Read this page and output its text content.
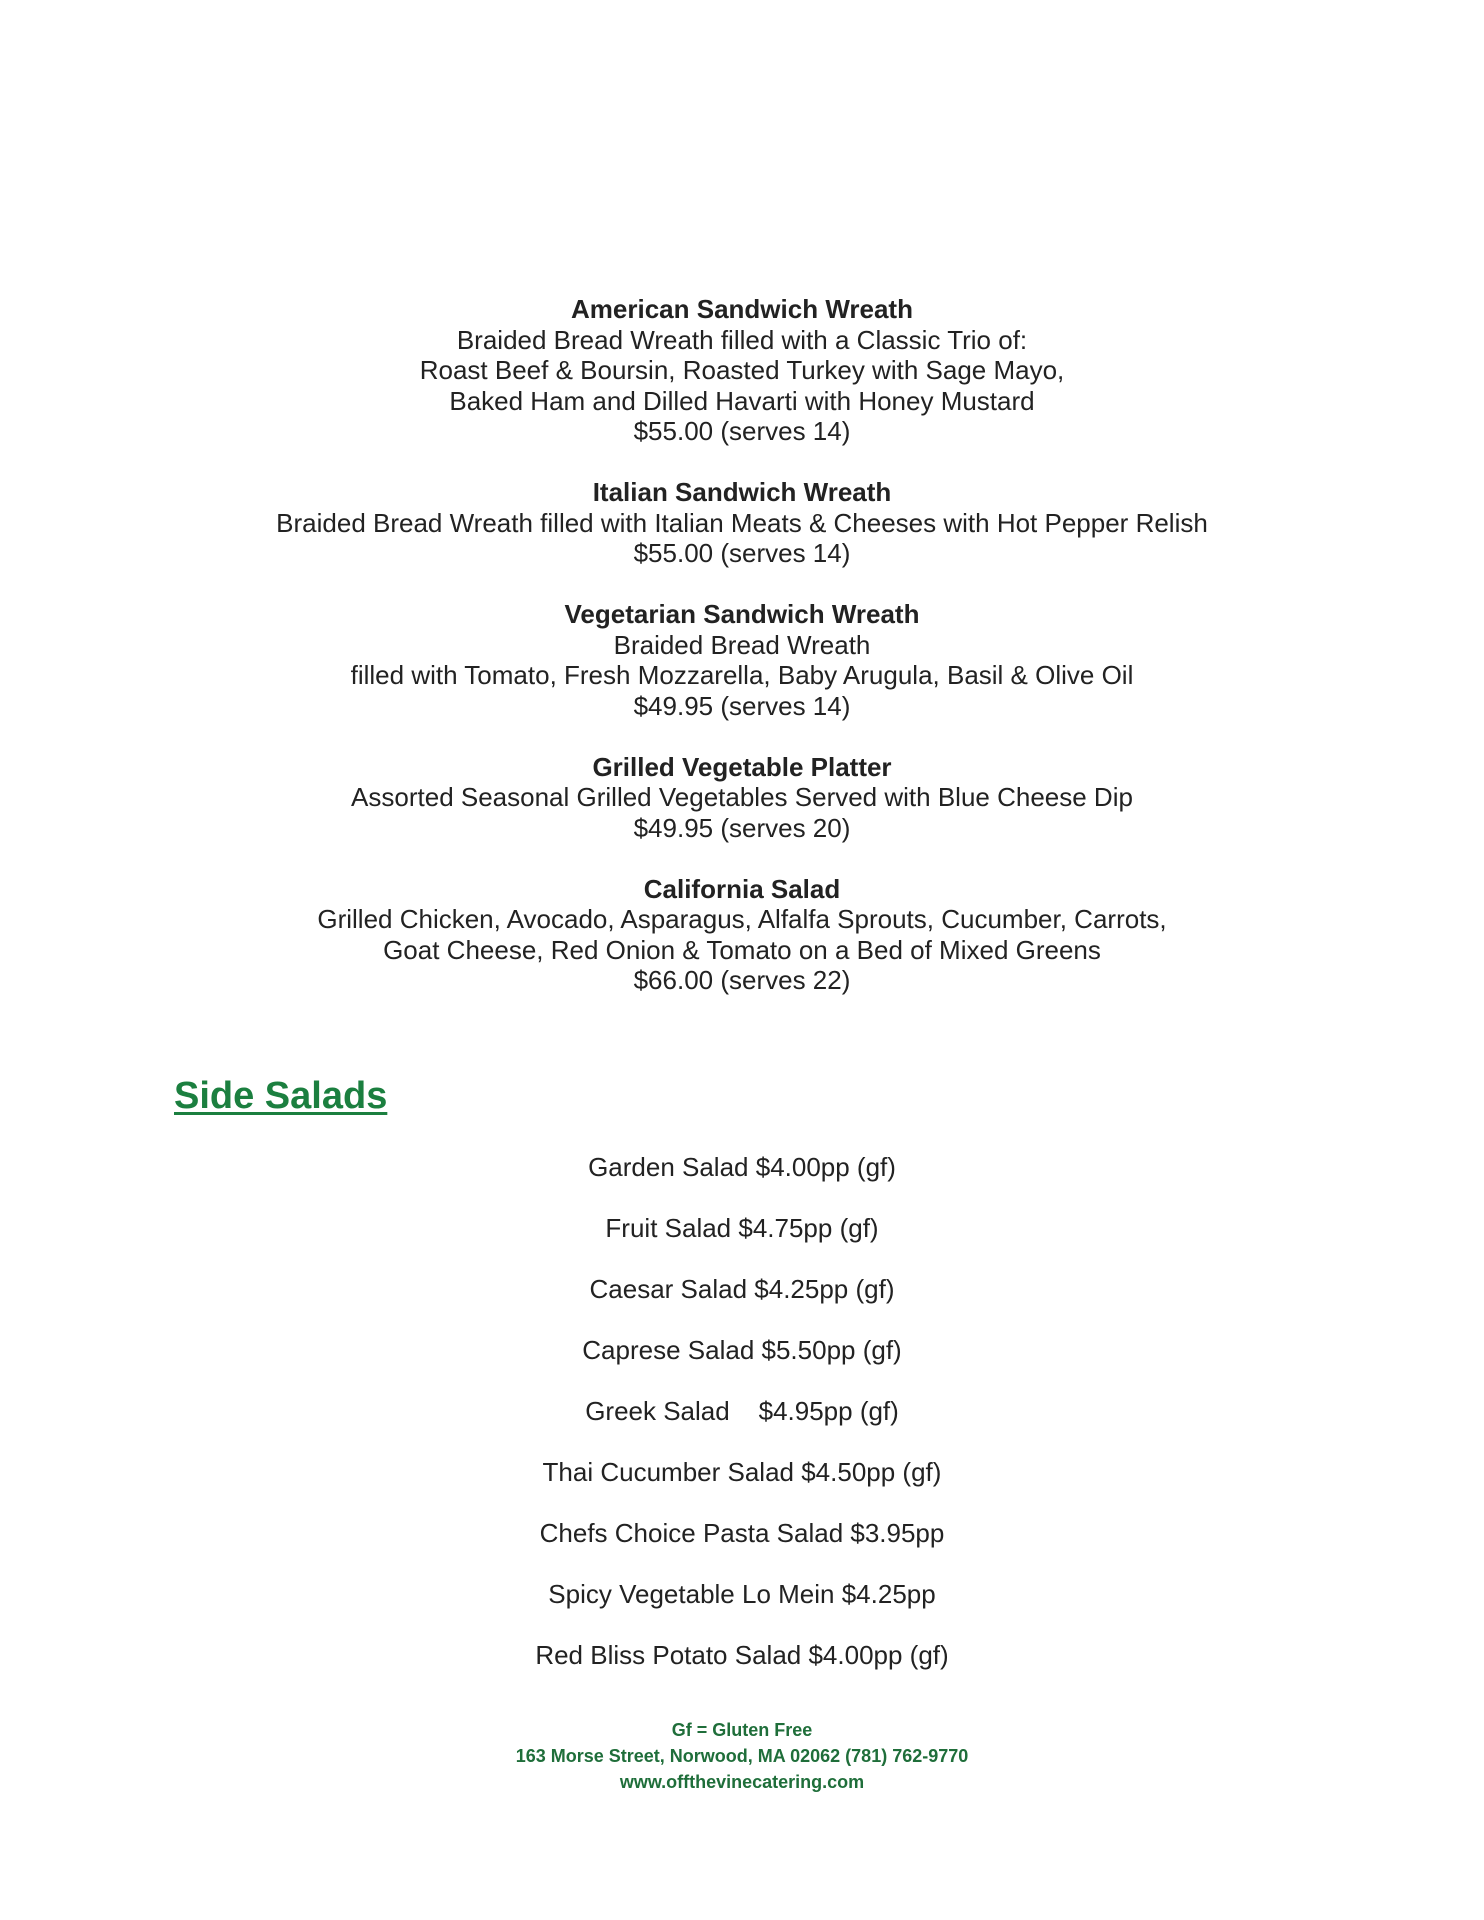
American Sandwich Wreath
Braided Bread Wreath filled with a Classic Trio of:
Roast Beef & Boursin, Roasted Turkey with Sage Mayo,
Baked Ham and Dilled Havarti with Honey Mustard
$55.00 (serves 14)
Italian Sandwich Wreath
Braided Bread Wreath filled with Italian Meats & Cheeses with Hot Pepper Relish
$55.00 (serves 14)
Vegetarian Sandwich Wreath
Braided Bread Wreath
filled with Tomato, Fresh Mozzarella, Baby Arugula, Basil & Olive Oil
$49.95 (serves 14)
Grilled Vegetable Platter
Assorted Seasonal Grilled Vegetables Served with Blue Cheese Dip
$49.95 (serves 20)
California Salad
Grilled Chicken, Avocado, Asparagus, Alfalfa Sprouts, Cucumber, Carrots,
Goat Cheese, Red Onion & Tomato on a Bed of Mixed Greens
$66.00 (serves 22)
Side Salads
Garden Salad $4.00pp (gf)
Fruit Salad $4.75pp (gf)
Caesar Salad $4.25pp (gf)
Caprese Salad $5.50pp (gf)
Greek Salad    $4.95pp (gf)
Thai Cucumber Salad $4.50pp (gf)
Chefs Choice Pasta Salad $3.95pp
Spicy Vegetable Lo Mein $4.25pp
Red Bliss Potato Salad $4.00pp (gf)
Gf = Gluten Free
163 Morse Street, Norwood, MA 02062 (781) 762-9770
www.offthevinecatering.com
